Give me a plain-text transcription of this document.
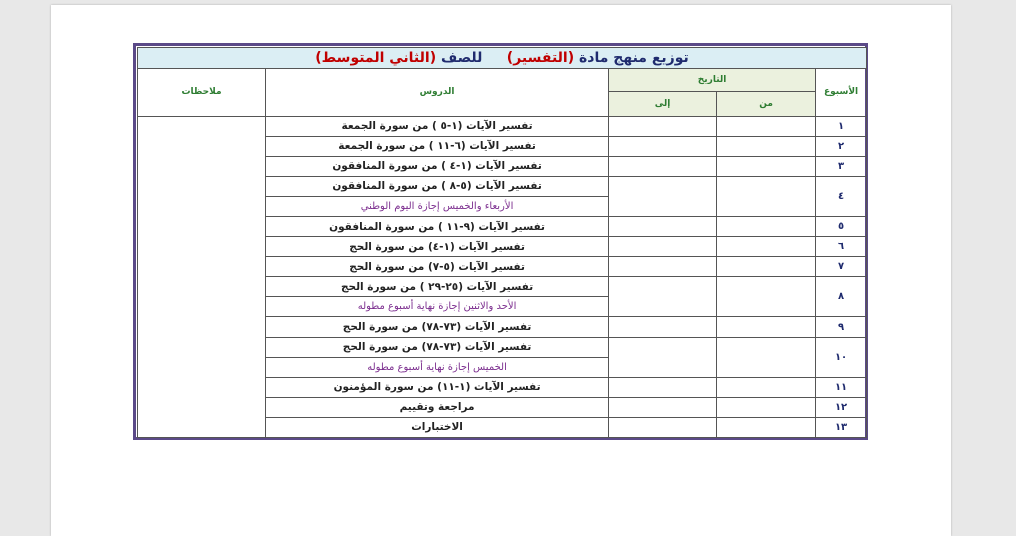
توزيع منهج مادة (التفسير)     للصف (الثاني المتوسط)				
الأسبوع	التاريخ		الدروس	ملاحظات
	من	إلى		
١			تفسير الآيات (١-٥ ) من سورة الجمعة	
٢			تفسير الآيات (٦-١١ ) من سورة الجمعة	
٣			تفسير الآيات (١-٤ ) من سورة المنافقون	
٤			تفسير الآيات (٥-٨ ) من سورة المنافقون	
			الأربعاء والخميس إجازة اليوم الوطني	
٥			تفسير الآيات (٩-١١ ) من سورة المنافقون	
٦			تفسير الآيات (١-٤) من سورة الحج	
٧			تفسير الآيات (٥-٧) من سورة الحج	
٨			تفسير الآيات (٢٥-٢٩ ) من سورة الحج	
			الأحد والاثنين إجازة نهاية أسبوع مطوله	
٩			تفسير الآيات (٧٣-٧٨) من سورة الحج	
١٠			تفسير الآيات (٧٣-٧٨) من سورة الحج	
			الخميس إجازة نهاية أسبوع مطوله	
١١			تفسير الآيات (١-١١) من سورة المؤمنون	
١٢			مراجعة وتقييم	
١٣			الاختبارات	
